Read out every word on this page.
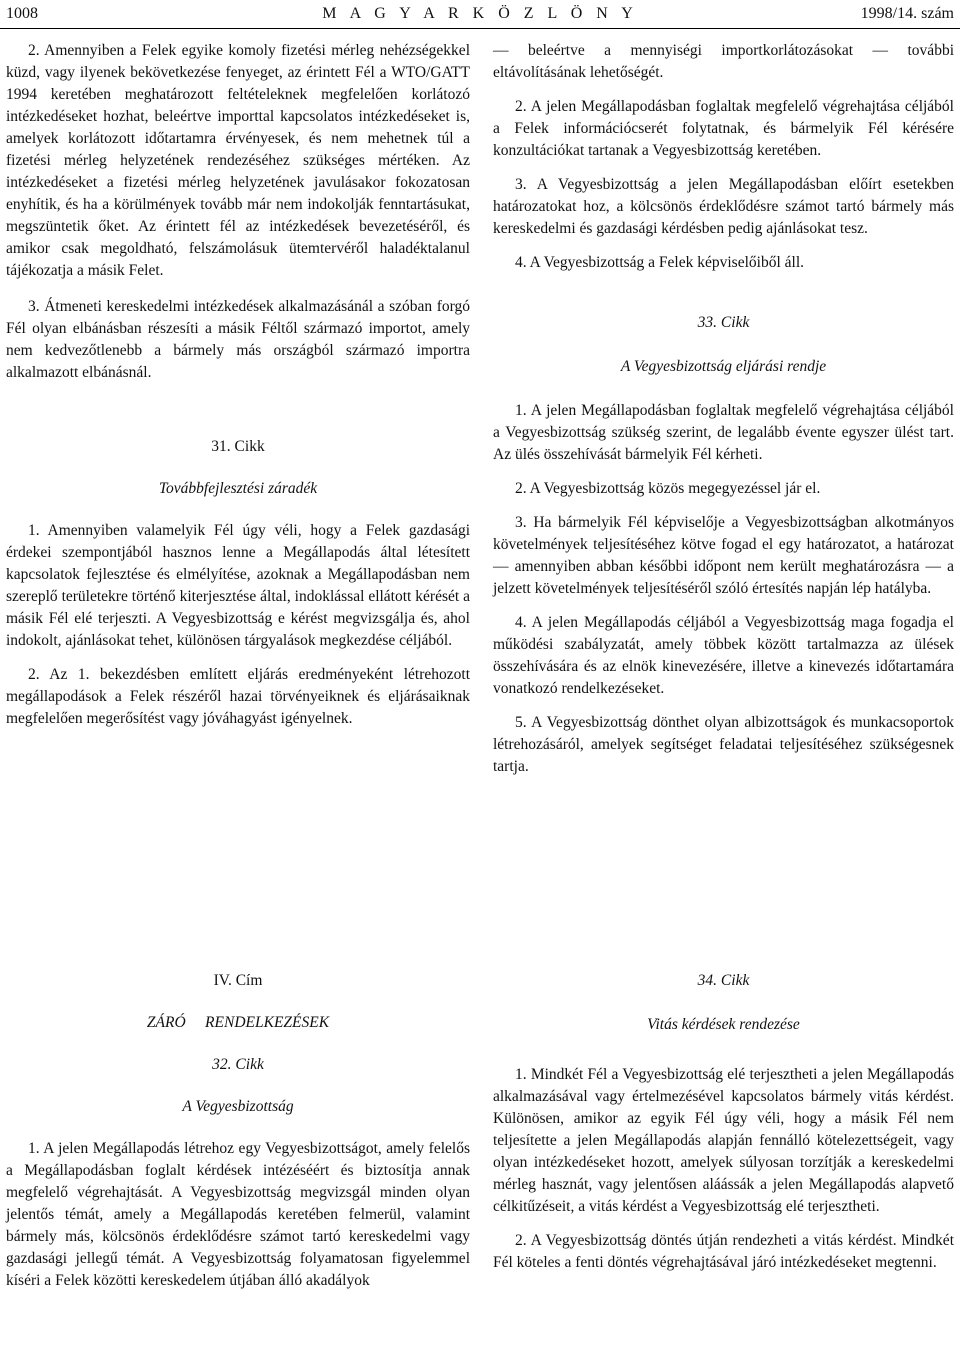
1008	M A G Y A R K Ö Z L Ö N Y	1998/14. szám

2. Amennyiben a Felek egyike komoly fizetési mérleg nehézségekkel küzd, vagy ilyenek bekövetkezése fenyeget, az érintett Fél a WTO/GATT 1994 keretében meghatározott feltételeknek megfelelően korlátozó intézkedéseket hozhat, beleértve importtal kapcsolatos intézkedéseket is, amelyek korlátozott időtartamra érvényesek, és nem mehetnek túl a fizetési mérleg helyzetének rendezéséhez szükséges mértéken. Az intézkedéseket a fizetési mérleg helyzetének javulásakor fokozatosan enyhítik, és ha a körülmények tovább már nem indokolják fenntartásukat, megszüntetik őket. Az érintett fél az intézkedések bevezetéséről, és amikor csak megoldható, felszámolásuk ütemtervéről haladéktalanul tájékozatja a másik Felet.

3. Átmeneti kereskedelmi intézkedések alkalmazásánál a szóban forgó Fél olyan elbánásban részesíti a másik Féltől származó importot, amely nem kedvezőtlenebb a bármely más országból származó importra alkalmazott elbánásnál.

31. Cikk

Továbbfejlesztési záradék

1. Amennyiben valamelyik Fél úgy véli, hogy a Felek gazdasági érdekei szempontjából hasznos lenne a Megállapodás által létesített kapcsolatok fejlesztése és elmélyítése, azoknak a Megállapodásban nem szereplő területekre történő kiterjesztése által, indoklással ellátott kérését a másik Fél elé terjeszti. A Vegyesbizottság e kérést megvizsgálja és, ahol indokolt, ajánlásokat tehet, különösen tárgyalások megkezdése céljából.

2. Az 1. bekezdésben említett eljárás eredményeként létrehozott megállapodások a Felek részéről hazai törvényeiknek és eljárásaiknak megfelelően megerősítést vagy jóváhagyást igényelnek.

— beleértve a mennyiségi importkorlátozásokat — további eltávolításának lehetőségét.

2. A jelen Megállapodásban foglaltak megfelelő végrehajtása céljából a Felek információcserét folytatnak, és bármelyik Fél kérésére konzultációkat tartanak a Vegyesbizottság keretében.

3. A Vegyesbizottság a jelen Megállapodásban előírt esetekben határozatokat hoz, a kölcsönös érdeklődésre számot tartó bármely más kereskedelmi és gazdasági kérdésben pedig ajánlásokat tesz.

4. A Vegyesbizottság a Felek képviselőiből áll.

33. Cikk

A Vegyesbizottság eljárási rendje

1. A jelen Megállapodásban foglaltak megfelelő végrehajtása céljából a Vegyesbizottság szükség szerint, de legalább évente egyszer ülést tart. Az ülés összehívását bármelyik Fél kérheti.

2. A Vegyesbizottság közös megegyezéssel jár el.

3. Ha bármelyik Fél képviselője a Vegyesbizottságban alkotmányos követelmények teljesítéséhez kötve fogad el egy határozatot, a határozat — amennyiben abban későbbi időpont nem került meghatározásra — a jelzett követelmények teljesítéséről szóló értesítés napján lép hatályba.

4. A jelen Megállapodás céljából a Vegyesbizottság maga fogadja el működési szabályzatát, amely többek között tartalmazza az ülések összehívására és az elnök kinevezésére, illetve a kinevezés időtartamára vonatkozó rendelkezéseket.

5. A Vegyesbizottság dönthet olyan albizottságok és munkacsoportok létrehozásáról, amelyek segítséget feladatai teljesítéséhez szükségesnek tartja.

IV. Cím

ZÁRÓ     RENDELKEZÉSEK

32. Cikk

A Vegyesbizottság

1. A jelen Megállapodás létrehoz egy Vegyesbizottságot, amely felelős a Megállapodásban foglalt kérdések intézéséért és biztosítja annak megfelelő végrehajtását. A Vegyesbizottság megvizsgál minden olyan jelentős témát, amely a Megállapodás keretében felmerül, valamint bármely más, kölcsönös érdeklődésre számot tartó kereskedelmi vagy gazdasági jellegű témát. A Vegyesbizottság folyamatosan figyelemmel kíséri a Felek közötti kereskedelem útjában álló akadályok

34. Cikk

Vitás kérdések rendezése

1. Mindkét Fél a Vegyesbizottság elé terjesztheti a jelen Megállapodás alkalmazásával vagy értelmezésével kapcsolatos bármely vitás kérdést. Különösen, amikor az egyik Fél úgy véli, hogy a másik Fél nem teljesítette a jelen Megállapodás alapján fennálló kötelezettségeit, vagy olyan intézkedéseket hozott, amelyek súlyosan torzítják a kereskedelmi mérleg hasznát, vagy jelentősen aláássák a jelen Megállapodás alapvető célkitűzéseit, a vitás kérdést a Vegyesbizottság elé terjesztheti.

2. A Vegyesbizottság döntés útján rendezheti a vitás kérdést. Mindkét Fél köteles a fenti döntés végrehajtásával járó intézkedéseket megtenni.
